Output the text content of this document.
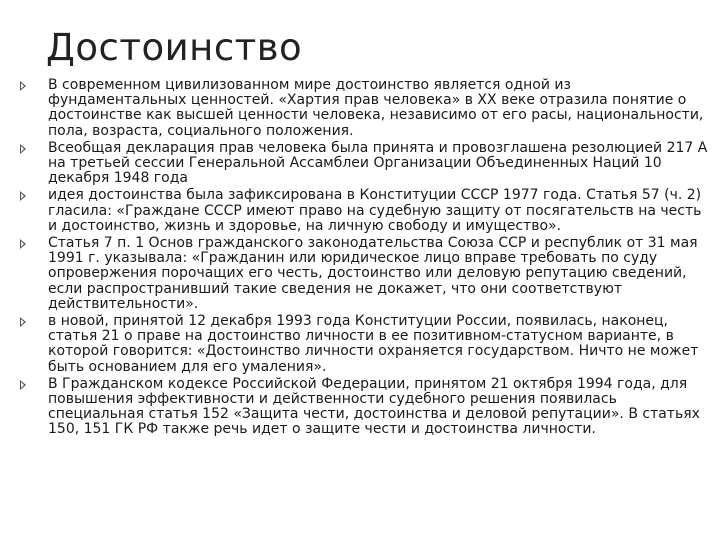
Достоинство
В современном цивилизованном мире достоинство является одной из фундаментальных ценностей. «Хартия прав человека» в XX веке отразила понятие о достоинстве как высшей ценности человека, независимо от его расы, национальности, пола, возраста, социального положения.
Всеобщая декларация прав человека была принята и провозглашена резолюцией 217 A на третьей сессии Генеральной Ассамблеи Организации Объединенных Наций 10 декабря 1948 года
идея достоинства была зафиксирована в Конституции СССР 1977 года. Статья 57 (ч. 2) гласила: «Граждане СССР имеют право на судебную защиту от посягательств на честь и достоинство, жизнь и здоровье, на личную свободу и имущество».
Статья 7 п. 1 Основ гражданского законодательства Союза ССР и республик от 31 мая 1991 г. указывала: «Гражданин или юридическое лицо вправе требовать по суду опровержения порочащих его честь, достоинство или деловую репутацию сведений, если распространивший такие сведения не докажет, что они соответствуют действительности».
в новой, принятой 12 декабря 1993 года Конституции России, появилась, наконец, статья 21 о праве на достоинство личности в ее позитивном-статусном варианте, в которой говорится: «Достоинство личности охраняется государством. Ничто не может быть основанием для его умаления».
В Гражданском кодексе Российской Федерации, принятом 21 октября 1994 года, для повышения эффективности и действенности судебного решения появилась специальная статья 152 «Защита чести, достоинства и деловой репутации». В статьях 150, 151 ГК РФ также речь идет о защите чести и достоинства личности.
